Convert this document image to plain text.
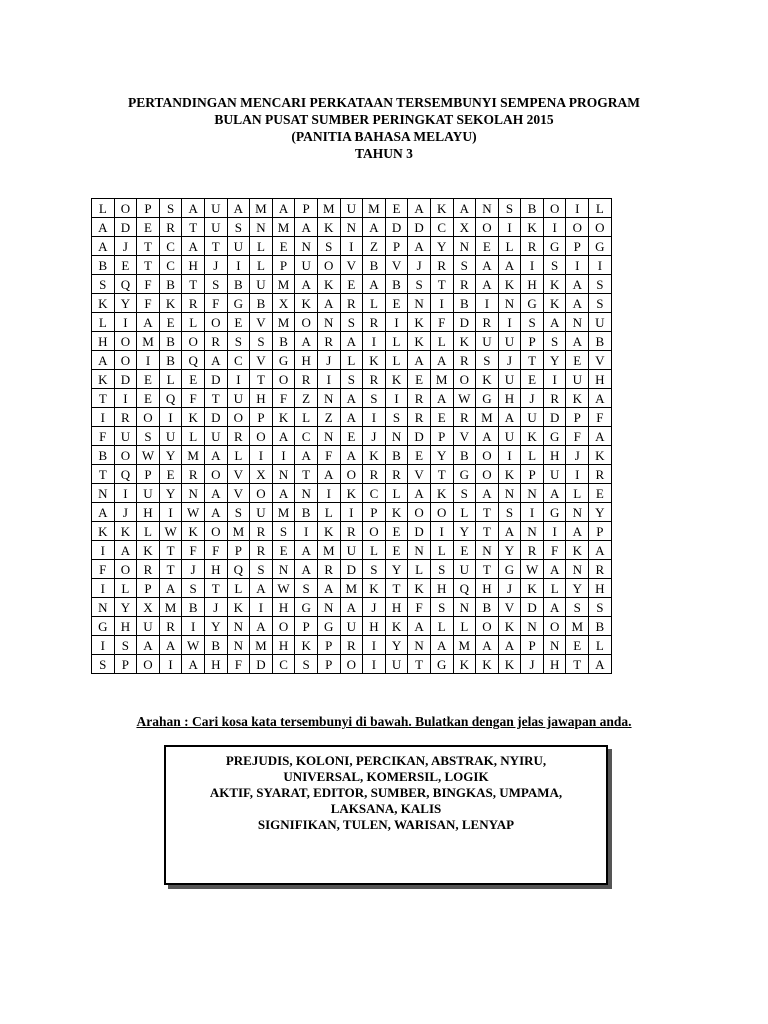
PERTANDINGAN MENCARI PERKATAAN TERSEMBUNYI SEMPENA PROGRAM
BULAN PUSAT SUMBER PERINGKAT SEKOLAH 2015
(PANITIA BAHASA MELAYU)
TAHUN 3
L	O	P	S	A	U	A	M	A	P	M	U	M	E	A	K	A	N	S	B	O	I	L
A	D	E	R	T	U	S	N	M	A	K	N	A	D	D	C	X	O	I	K	I	O	O
A	J	T	C	A	T	U	L	E	N	S	I	Z	P	A	Y	N	E	L	R	G	P	G
B	E	T	C	H	J	I	L	P	U	O	V	B	V	J	R	S	A	A	I	S	I	I
S	Q	F	B	T	S	B	U	M	A	K	E	A	B	S	T	R	A	K	H	K	A	S
K	Y	F	K	R	F	G	B	X	K	A	R	L	E	N	I	B	I	N	G	K	A	S
L	I	A	E	L	O	E	V	M	O	N	S	R	I	K	F	D	R	I	S	A	N	U
H	O	M	B	O	R	S	S	B	A	R	A	I	L	K	L	K	U	U	P	S	A	B
A	O	I	B	Q	A	C	V	G	H	J	L	K	L	A	A	R	S	J	T	Y	E	V
K	D	E	L	E	D	I	T	O	R	I	S	R	K	E	M	O	K	U	E	I	U	H
T	I	E	Q	F	T	U	H	F	Z	N	A	S	I	R	A	W	G	H	J	R	K	A
I	R	O	I	K	D	O	P	K	L	Z	A	I	S	R	E	R	M	A	U	D	P	F
F	U	S	U	L	U	R	O	A	C	N	E	J	N	D	P	V	A	U	K	G	F	A
B	O	W	Y	M	A	L	I	I	A	F	A	K	B	E	Y	B	O	I	L	H	J	K
T	Q	P	E	R	O	V	X	N	T	A	O	R	R	V	T	G	O	K	P	U	I	R
N	I	U	Y	N	A	V	O	A	N	I	K	C	L	A	K	S	A	N	N	A	L	E
A	J	H	I	W	A	S	U	M	B	L	I	P	K	O	O	L	T	S	I	G	N	Y
K	K	L	W	K	O	M	R	S	I	K	R	O	E	D	I	Y	T	A	N	I	A	P
I	A	K	T	F	F	P	R	E	A	M	U	L	E	N	L	E	N	Y	R	F	K	A
F	O	R	T	J	H	Q	S	N	A	R	D	S	Y	L	S	U	T	G	W	A	N	R
I	L	P	A	S	T	L	A	W	S	A	M	K	T	K	H	Q	H	J	K	L	Y	H
N	Y	X	M	B	J	K	I	H	G	N	A	J	H	F	S	N	B	V	D	A	S	S
G	H	U	R	I	Y	N	A	O	P	G	U	H	K	A	L	L	O	K	N	O	M	B
I	S	A	A	W	B	N	M	H	K	P	R	I	Y	N	A	M	A	A	P	N	E	L
S	P	O	I	A	H	F	D	C	S	P	O	I	U	T	G	K	K	K	J	H	T	A
Arahan : Cari kosa kata tersembunyi di bawah. Bulatkan dengan jelas jawapan anda.
PREJUDIS, KOLONI, PERCIKAN, ABSTRAK, NYIRU,
UNIVERSAL, KOMERSIL, LOGIK
AKTIF, SYARAT, EDITOR, SUMBER, BINGKAS, UMPAMA,
LAKSANA, KALIS
SIGNIFIKAN, TULEN, WARISAN, LENYAP
